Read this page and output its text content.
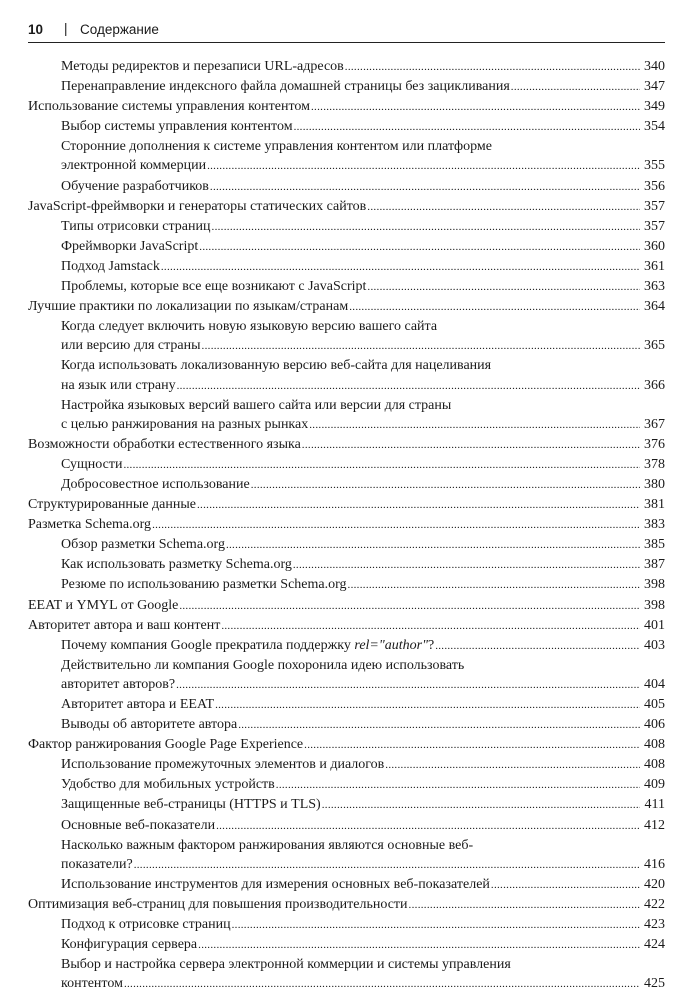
10 | Содержание
Методы редиректов и перезаписи URL-адресов .....	340
Перенаправление индексного файла домашней страницы без зацикливания .....	347
Использование системы управления контентом .....	349
Выбор системы управления контентом .....	354
Сторонние дополнения к системе управления контентом или платформе
электронной коммерции .....	355
Обучение разработчиков .....	356
JavaScript-фреймворки и генераторы статических сайтов .....	357
Типы отрисовки страниц .....	357
Фреймворки JavaScript .....	360
Подход Jamstack .....	361
Проблемы, которые все еще возникают с JavaScript .....	363
Лучшие практики по локализации по языкам/странам .....	364
Когда следует включить новую языковую версию вашего сайта
или версию для страны .....	365
Когда использовать локализованную версию веб-сайта для нацеливания
на язык или страну .....	366
Настройка языковых версий вашего сайта или версии для страны
с целью ранжирования на разных рынках .....	367
Возможности обработки естественного языка .....	376
Сущности .....	378
Добросовестное использование .....	380
Структурированные данные .....	381
Разметка Schema.org .....	383
Обзор разметки Schema.org .....	385
Как использовать разметку Schema.org .....	387
Резюме по использованию разметки Schema.org .....	398
EEAT и YMYL от Google .....	398
Авторитет автора и ваш контент .....	401
Почему компания Google прекратила поддержку rel="author"? .....	403
Действительно ли компания Google похоронила идею использовать
авторитет авторов? .....	404
Авторитет автора и EEAT .....	405
Выводы об авторитете автора .....	406
Фактор ранжирования Google Page Experience .....	408
Использование промежуточных элементов и диалогов .....	408
Удобство для мобильных устройств .....	409
Защищенные веб-страницы (HTTPS и TLS) .....	411
Основные веб-показатели .....	412
Насколько важным фактором ранжирования являются основные веб-
показатели? .....	416
Использование инструментов для измерения основных веб-показателей .....	420
Оптимизация веб-страниц для повышения производительности .....	422
Подход к отрисовке страниц .....	423
Конфигурация сервера .....	424
Выбор и настройка сервера электронной коммерции и системы управления
контентом .....	425
